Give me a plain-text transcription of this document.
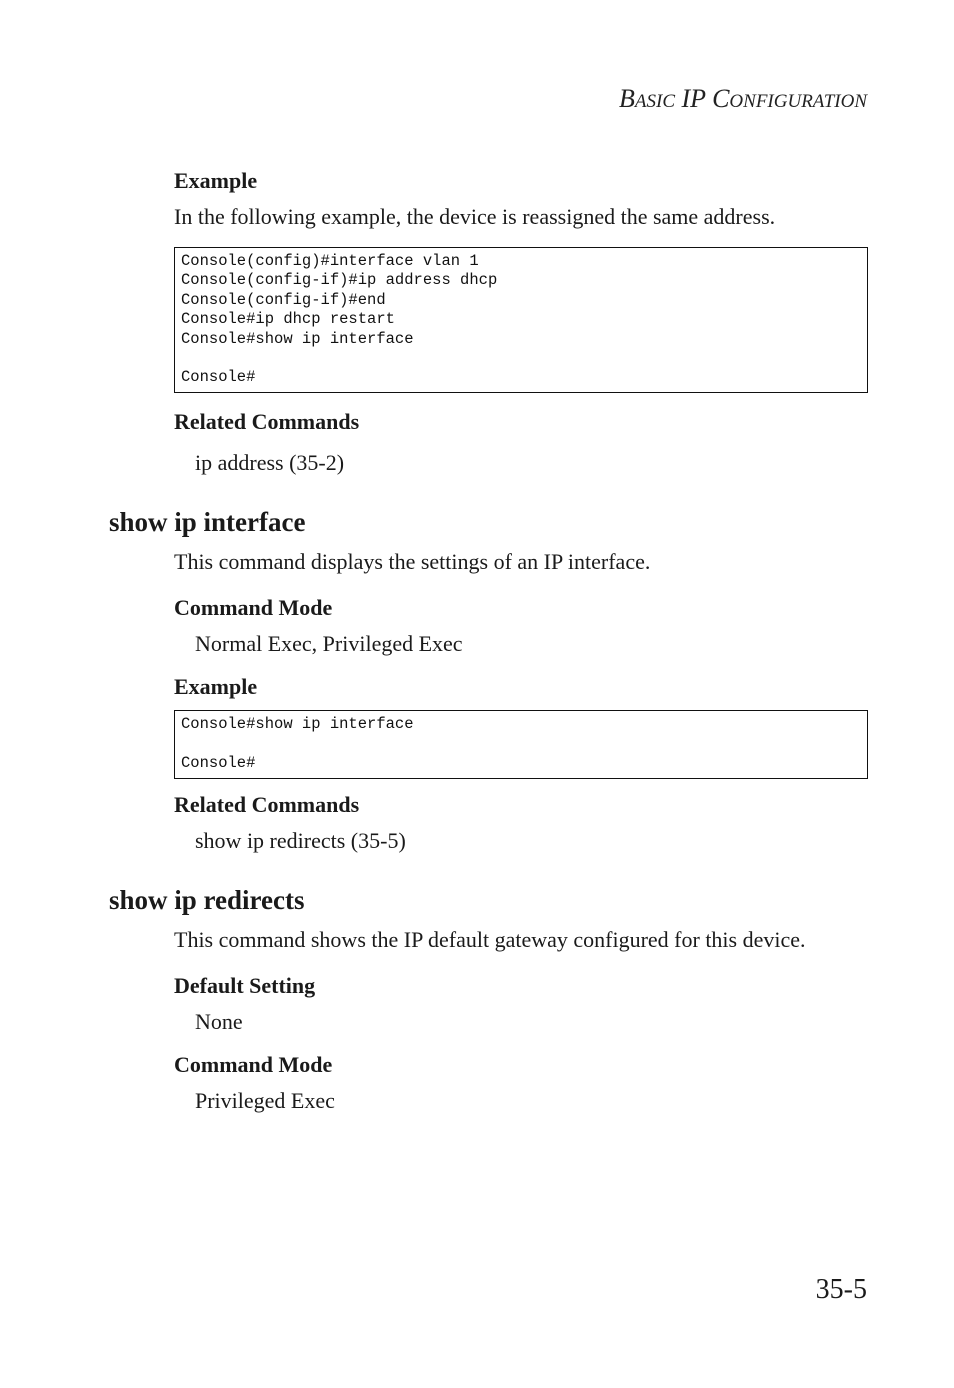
BASIC IP CONFIGURATION
Example
In the following example, the device is reassigned the same address.
Console(config)#interface vlan 1
Console(config-if)#ip address dhcp
Console(config-if)#end
Console#ip dhcp restart
Console#show ip interface
Console#
Related Commands
ip address (35-2)
show ip interface
This command displays the settings of an IP interface.
Command Mode
Normal Exec, Privileged Exec
Example
Console#show ip interface
Console#
Related Commands
show ip redirects (35-5)
show ip redirects
This command shows the IP default gateway configured for this device.
Default Setting
None
Command Mode
Privileged Exec
35-5
